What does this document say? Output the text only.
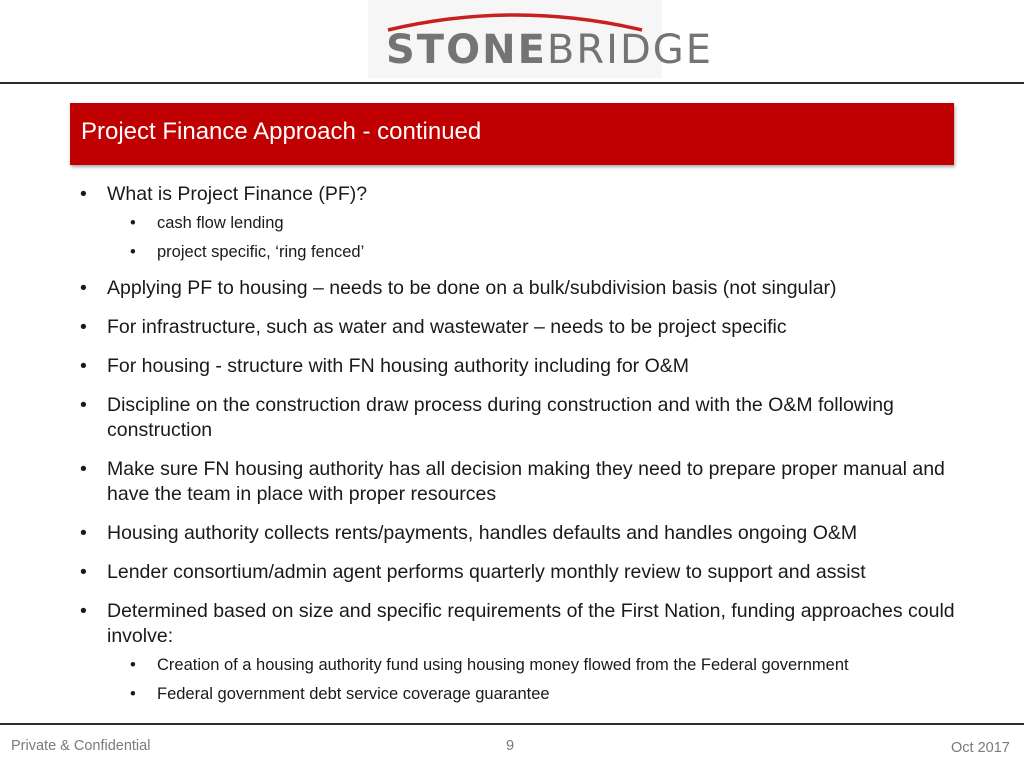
STONEBRIDGE
Project Finance Approach - continued
• What is Project Finance (PF)?
• cash flow lending
• project specific, ‘ring fenced’
• Applying PF to housing – needs to be done on a bulk/subdivision basis (not singular)
• For infrastructure, such as water and wastewater – needs to be project specific
• For housing - structure with FN housing authority including for O&M
• Discipline on the construction draw process during construction and with the O&M following construction
• Make sure FN housing authority has all decision making they need to prepare proper manual and have the team in place with proper resources
• Housing authority collects rents/payments, handles defaults and handles ongoing O&M
• Lender consortium/admin agent performs quarterly monthly review to support and assist
• Determined based on size and specific requirements of the First Nation, funding approaches could involve:
• Creation of a housing authority fund using housing money flowed from the Federal government
• Federal government debt service coverage guarantee
Private & Confidential	9	Oct 2017
